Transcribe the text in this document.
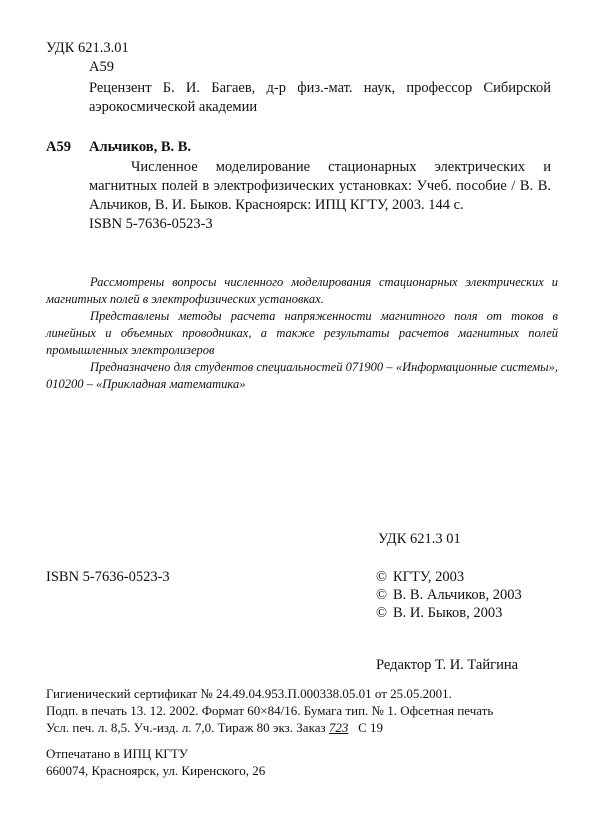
УДК 621.3.01
А59
Рецензент Б. И. Багаев, д-р физ.-мат. наук, профессор Сибирской аэрокосмической академии
А59 Альчиков, В. В.
Численное моделирование стационарных электрических и магнитных полей в электрофизических установках: Учеб. пособие / В. В. Альчиков, В. И. Быков. Красноярск: ИПЦ КГТУ, 2003. 144 с.
ISBN 5-7636-0523-3

Рассмотрены вопросы численного моделирования стационарных электрических и магнитных полей в электрофизических установках.

Представлены методы расчета напряженности магнитного поля от токов в линейных и объемных проводниках, а также результаты расчетов магнитных полей промышленных электролизеров

Предназначено для студентов специальностей 071900 – «Информационные системы», 010200 – «Прикладная математика»

УДК 621.3 01
ISBN 5-7636-0523-3	© КГТУ, 2003
© В. В. Альчиков, 2003
© В. И. Быков, 2003
Редактор Т. И. Тайгина
Гигиенический сертификат № 24.49.04.953.П.000338.05.01 от 25.05.2001.
Подп. в печать 13. 12. 2002. Формат 60×84/16. Бумага тип. № 1. Офсетная печать
Усл. печ. л. 8,5. Уч.-изд. л. 7,0. Тираж 80 экз. Заказ 723 С 19
Отпечатано в ИПЦ КГТУ
660074, Красноярск, ул. Киренского, 26
